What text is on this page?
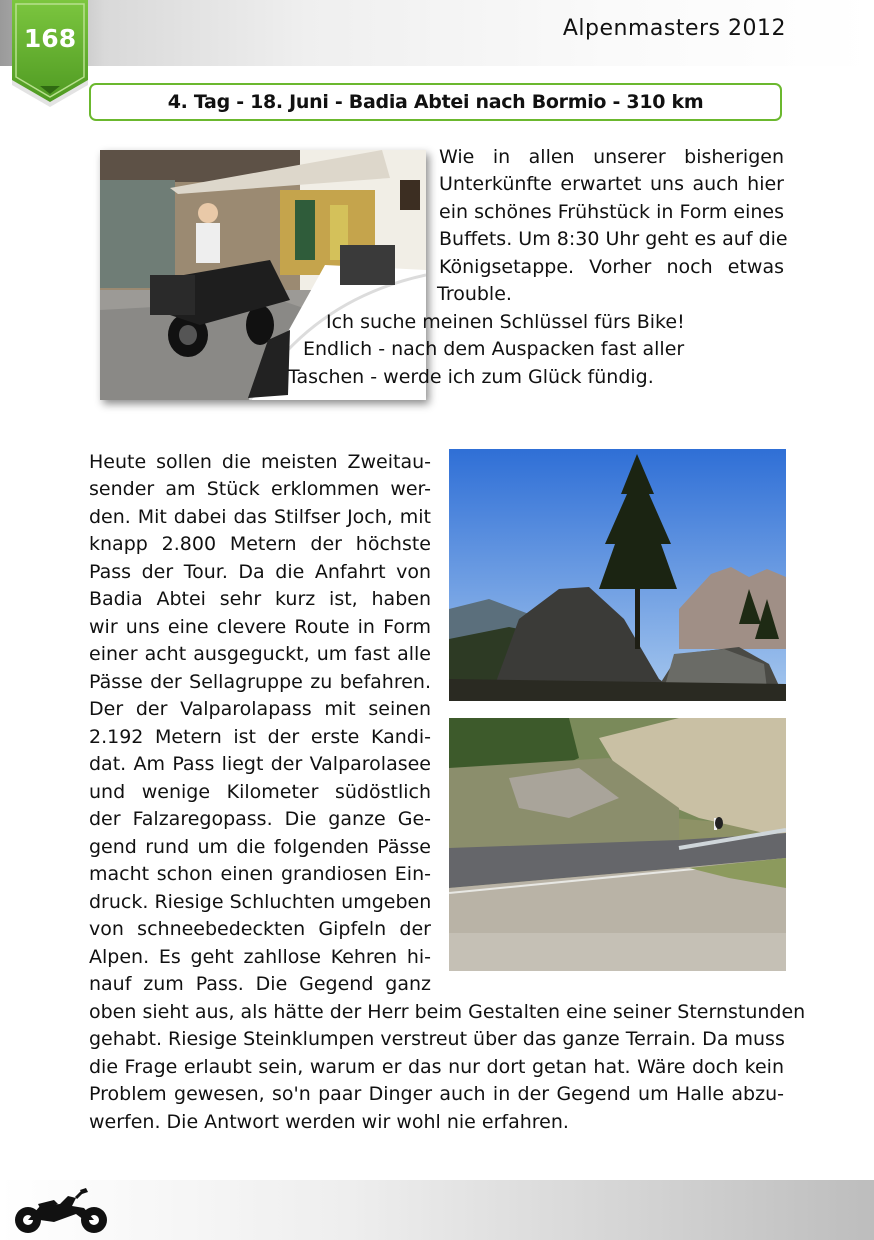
Alpenmasters 2012
168
4. Tag - 18. Juni - Badia Abtei nach Bormio - 310 km
Wie in allen unserer bisherigen
Unterkünfte erwartet uns auch hier
ein schönes Frühstück in Form eines
Buffets. Um 8:30 Uhr geht es auf die
Königsetappe. Vorher noch etwas
Trouble.
Ich suche meinen Schlüssel fürs Bike!
Endlich - nach dem Auspacken fast aller
Taschen - werde ich zum Glück fündig.
Heute sollen die meisten Zweitau-
sender am Stück erklommen wer-
den. Mit dabei das Stilfser Joch, mit
knapp 2.800 Metern der höchste
Pass der Tour. Da die Anfahrt von
Badia Abtei sehr kurz ist, haben
wir uns eine clevere Route in Form
einer acht ausgeguckt, um fast alle
Pässe der Sellagruppe zu befahren.
Der der Valparolapass mit seinen
2.192 Metern ist der erste Kandi-
dat. Am Pass liegt der Valparolasee
und wenige Kilometer südöstlich
der Falzaregopass. Die ganze Ge-
gend rund um die folgenden Pässe
macht schon einen grandiosen Ein-
druck. Riesige Schluchten umgeben
von schneebedeckten Gipfeln der
Alpen. Es geht zahllose Kehren hi-
nauf zum Pass. Die Gegend ganz
oben sieht aus, als hätte der Herr beim Gestalten eine seiner Sternstunden
gehabt. Riesige Steinklumpen verstreut über das ganze Terrain. Da muss
die Frage erlaubt sein, warum er das nur dort getan hat. Wäre doch kein
Problem gewesen, so'n paar Dinger auch in der Gegend um Halle abzu-
werfen. Die Antwort werden wir wohl nie erfahren.
